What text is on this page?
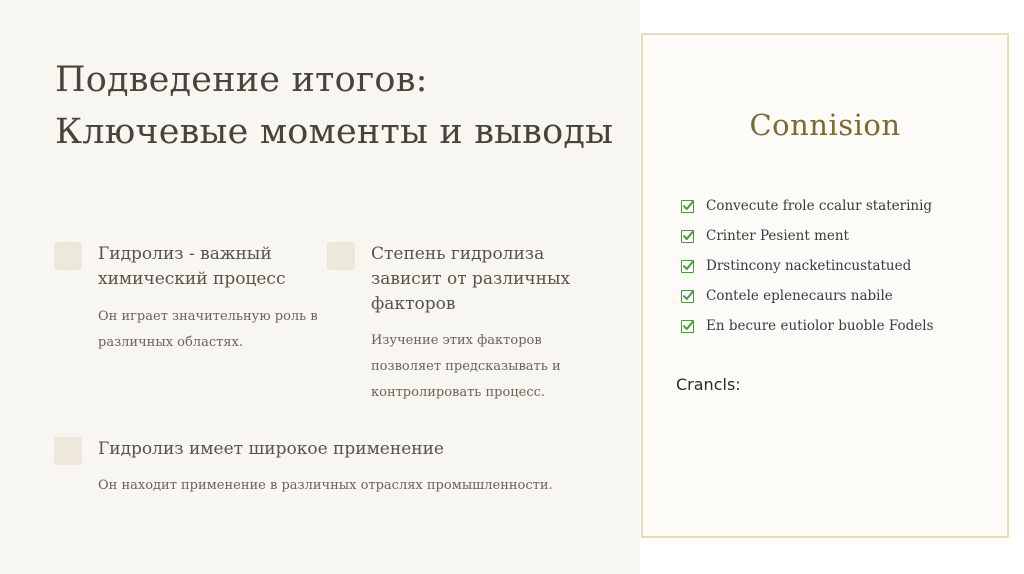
Подведение итогов: Ключевые моменты и выводы
Гидролиз - важный химический процесс

Он играет значительную роль в различных областях.

Степень гидролиза зависит от различных факторов

Изучение этих факторов позволяет предсказывать и контролировать процесс.

Гидролиз имеет широкое применение

Он находит применение в различных отраслях промышленности.

Connision
Convecute frole ccalur staterinig
Crinter Pesient ment
Drstincony nacketincustatued
Contele eplenecaurs nabile
En becure eutiolor buoble Fodels

Crancls:
